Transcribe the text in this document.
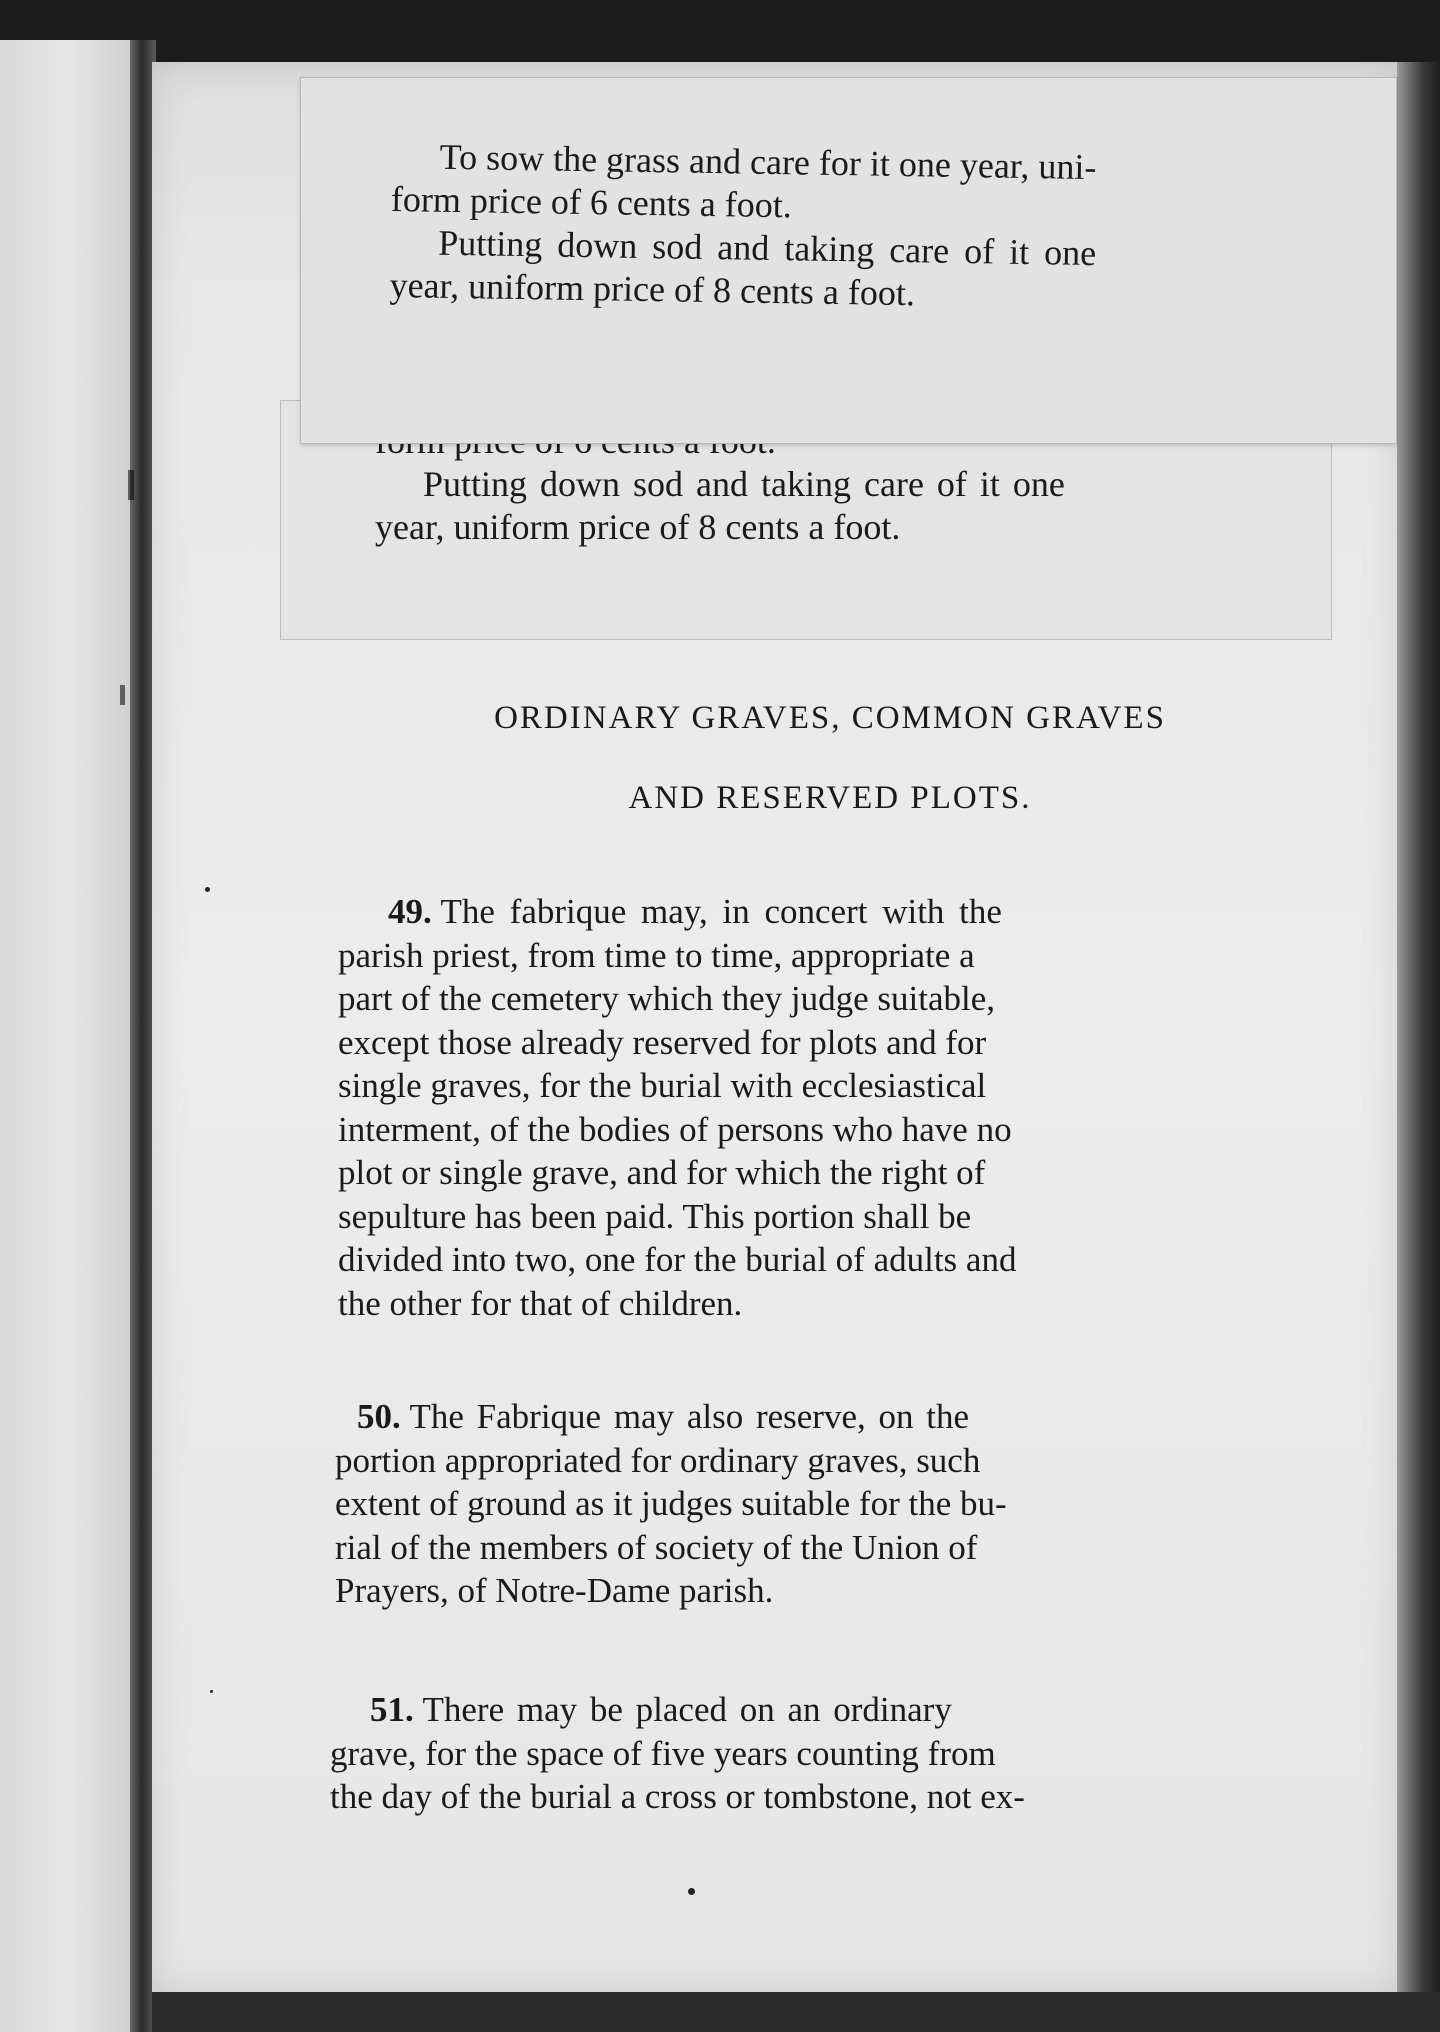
Putting down sod and taking care of it one
year, uniform price of 8 cents a foot.
To sow the grass and care for it one year, uni-
form price of 6 cents a foot.
Putting down sod and taking care of it one
year, uniform price of 8 cents a foot.
ORDINARY GRAVES, COMMON GRAVES
AND RESERVED PLOTS.
49. The fabrique may, in concert with the
parish priest, from time to time, appropriate a
part of the cemetery which they judge suitable,
except those already reserved for plots and for
single graves, for the burial with ecclesiastical
interment, of the bodies of persons who have no
plot or single grave, and for which the right of
sepulture has been paid. This portion shall be
divided into two, one for the burial of adults and
the other for that of children.
50. The Fabrique may also reserve, on the
portion appropriated for ordinary graves, such
extent of ground as it judges suitable for the bu-
rial of the members of society of the Union of
Prayers, of Notre-Dame parish.
51. There may be placed on an ordinary
grave, for the space of five years counting from
the day of the burial a cross or tombstone, not ex-
